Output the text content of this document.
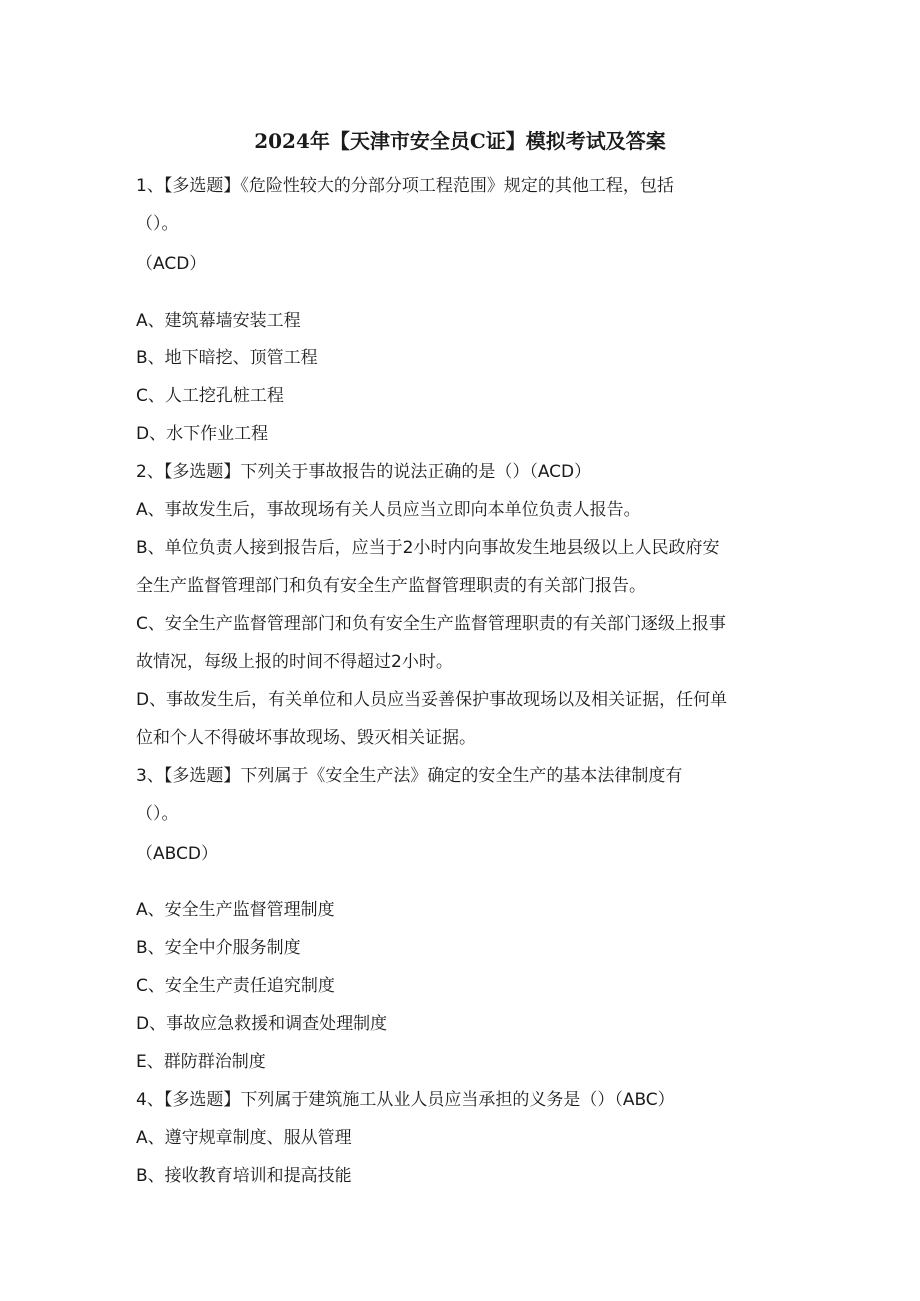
2024年【天津市安全员C证】模拟考试及答案
1、【多选题】《危险性较大的分部分项工程范围》规定的其他工程，包括
（）。
（ACD）
A、建筑幕墙安装工程
B、地下暗挖、顶管工程
C、人工挖孔桩工程
D、水下作业工程
2、【多选题】下列关于事故报告的说法正确的是（）（ACD）
A、事故发生后，事故现场有关人员应当立即向本单位负责人报告。
B、单位负责人接到报告后，应当于2小时内向事故发生地县级以上人民政府安
全生产监督管理部门和负有安全生产监督管理职责的有关部门报告。
C、安全生产监督管理部门和负有安全生产监督管理职责的有关部门逐级上报事
故情况，每级上报的时间不得超过2小时。
D、事故发生后，有关单位和人员应当妥善保护事故现场以及相关证据，任何单
位和个人不得破坏事故现场、毁灭相关证据。
3、【多选题】下列属于《安全生产法》确定的安全生产的基本法律制度有
（）。
（ABCD）
A、安全生产监督管理制度
B、安全中介服务制度
C、安全生产责任追究制度
D、事故应急救援和调查处理制度
E、群防群治制度
4、【多选题】下列属于建筑施工从业人员应当承担的义务是（）（ABC）
A、遵守规章制度、服从管理
B、接收教育培训和提高技能
